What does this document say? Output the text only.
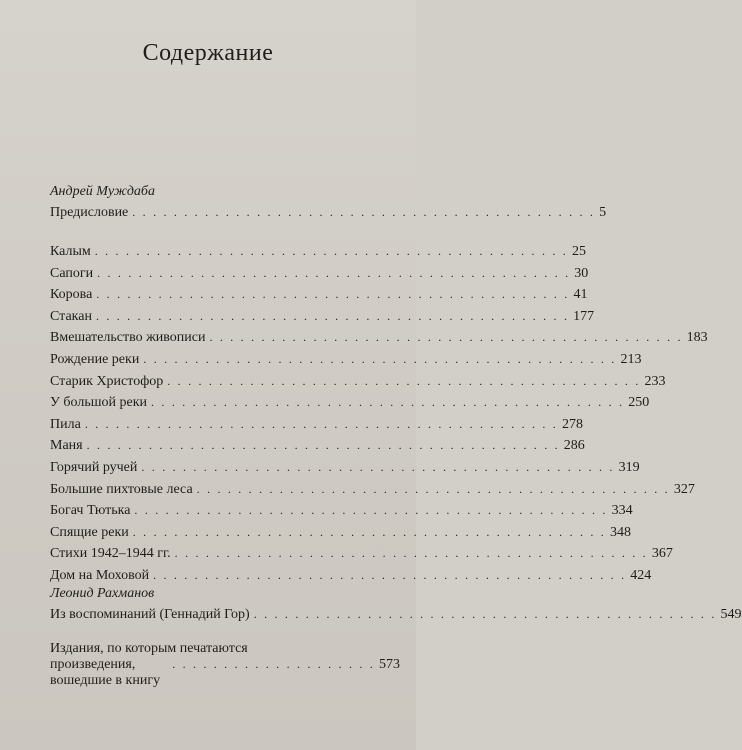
Содержание
Андрей Муждаба
Предисловие . . . . . . . . . . . . . . . . . . . . . . . . . . . . . . . . . . . . . . . . . . . . . 5
Калым . . . . . . . . . . . . . . . . . . . . . . . . . . . . . . . . . . . . . . . . . . . . . . 25
Сапоги . . . . . . . . . . . . . . . . . . . . . . . . . . . . . . . . . . . . . . . . . . . . . . 30
Корова . . . . . . . . . . . . . . . . . . . . . . . . . . . . . . . . . . . . . . . . . . . . . . 41
Стакан . . . . . . . . . . . . . . . . . . . . . . . . . . . . . . . . . . . . . . . . . . . . . . 177
Вмешательство живописи . . . . . . . . . . . . . . . . . . . . . . . . . . . . . . . . . . . . . . . . . . . . . . 183
Рождение реки . . . . . . . . . . . . . . . . . . . . . . . . . . . . . . . . . . . . . . . . . . . . . . 213
Старик Христофор . . . . . . . . . . . . . . . . . . . . . . . . . . . . . . . . . . . . . . . . . . . . . . 233
У большой реки . . . . . . . . . . . . . . . . . . . . . . . . . . . . . . . . . . . . . . . . . . . . . . 250
Пила . . . . . . . . . . . . . . . . . . . . . . . . . . . . . . . . . . . . . . . . . . . . . . 278
Маня . . . . . . . . . . . . . . . . . . . . . . . . . . . . . . . . . . . . . . . . . . . . . . 286
Горячий ручей . . . . . . . . . . . . . . . . . . . . . . . . . . . . . . . . . . . . . . . . . . . . . . 319
Большие пихтовые леса . . . . . . . . . . . . . . . . . . . . . . . . . . . . . . . . . . . . . . . . . . . . . . 327
Богач Тютька . . . . . . . . . . . . . . . . . . . . . . . . . . . . . . . . . . . . . . . . . . . . . . 334
Спящие реки . . . . . . . . . . . . . . . . . . . . . . . . . . . . . . . . . . . . . . . . . . . . . . 348
Стихи 1942–1944 гг. . . . . . . . . . . . . . . . . . . . . . . . . . . . . . . . . . . . . . . . . . . . . . . 367
Дом на Моховой . . . . . . . . . . . . . . . . . . . . . . . . . . . . . . . . . . . . . . . . . . . . . . 424
Леонид Рахманов
Из воспоминаний (Геннадий Гор) . . . . . . . . . . . . . . . . . . . . . . . . . . . . . . . . . . . . . . . . . . . . . 549
Издания, по которым печатаются
произведения, вошедшие в книгу
. . . . . . . . . . . . . . . . . . . . 573
